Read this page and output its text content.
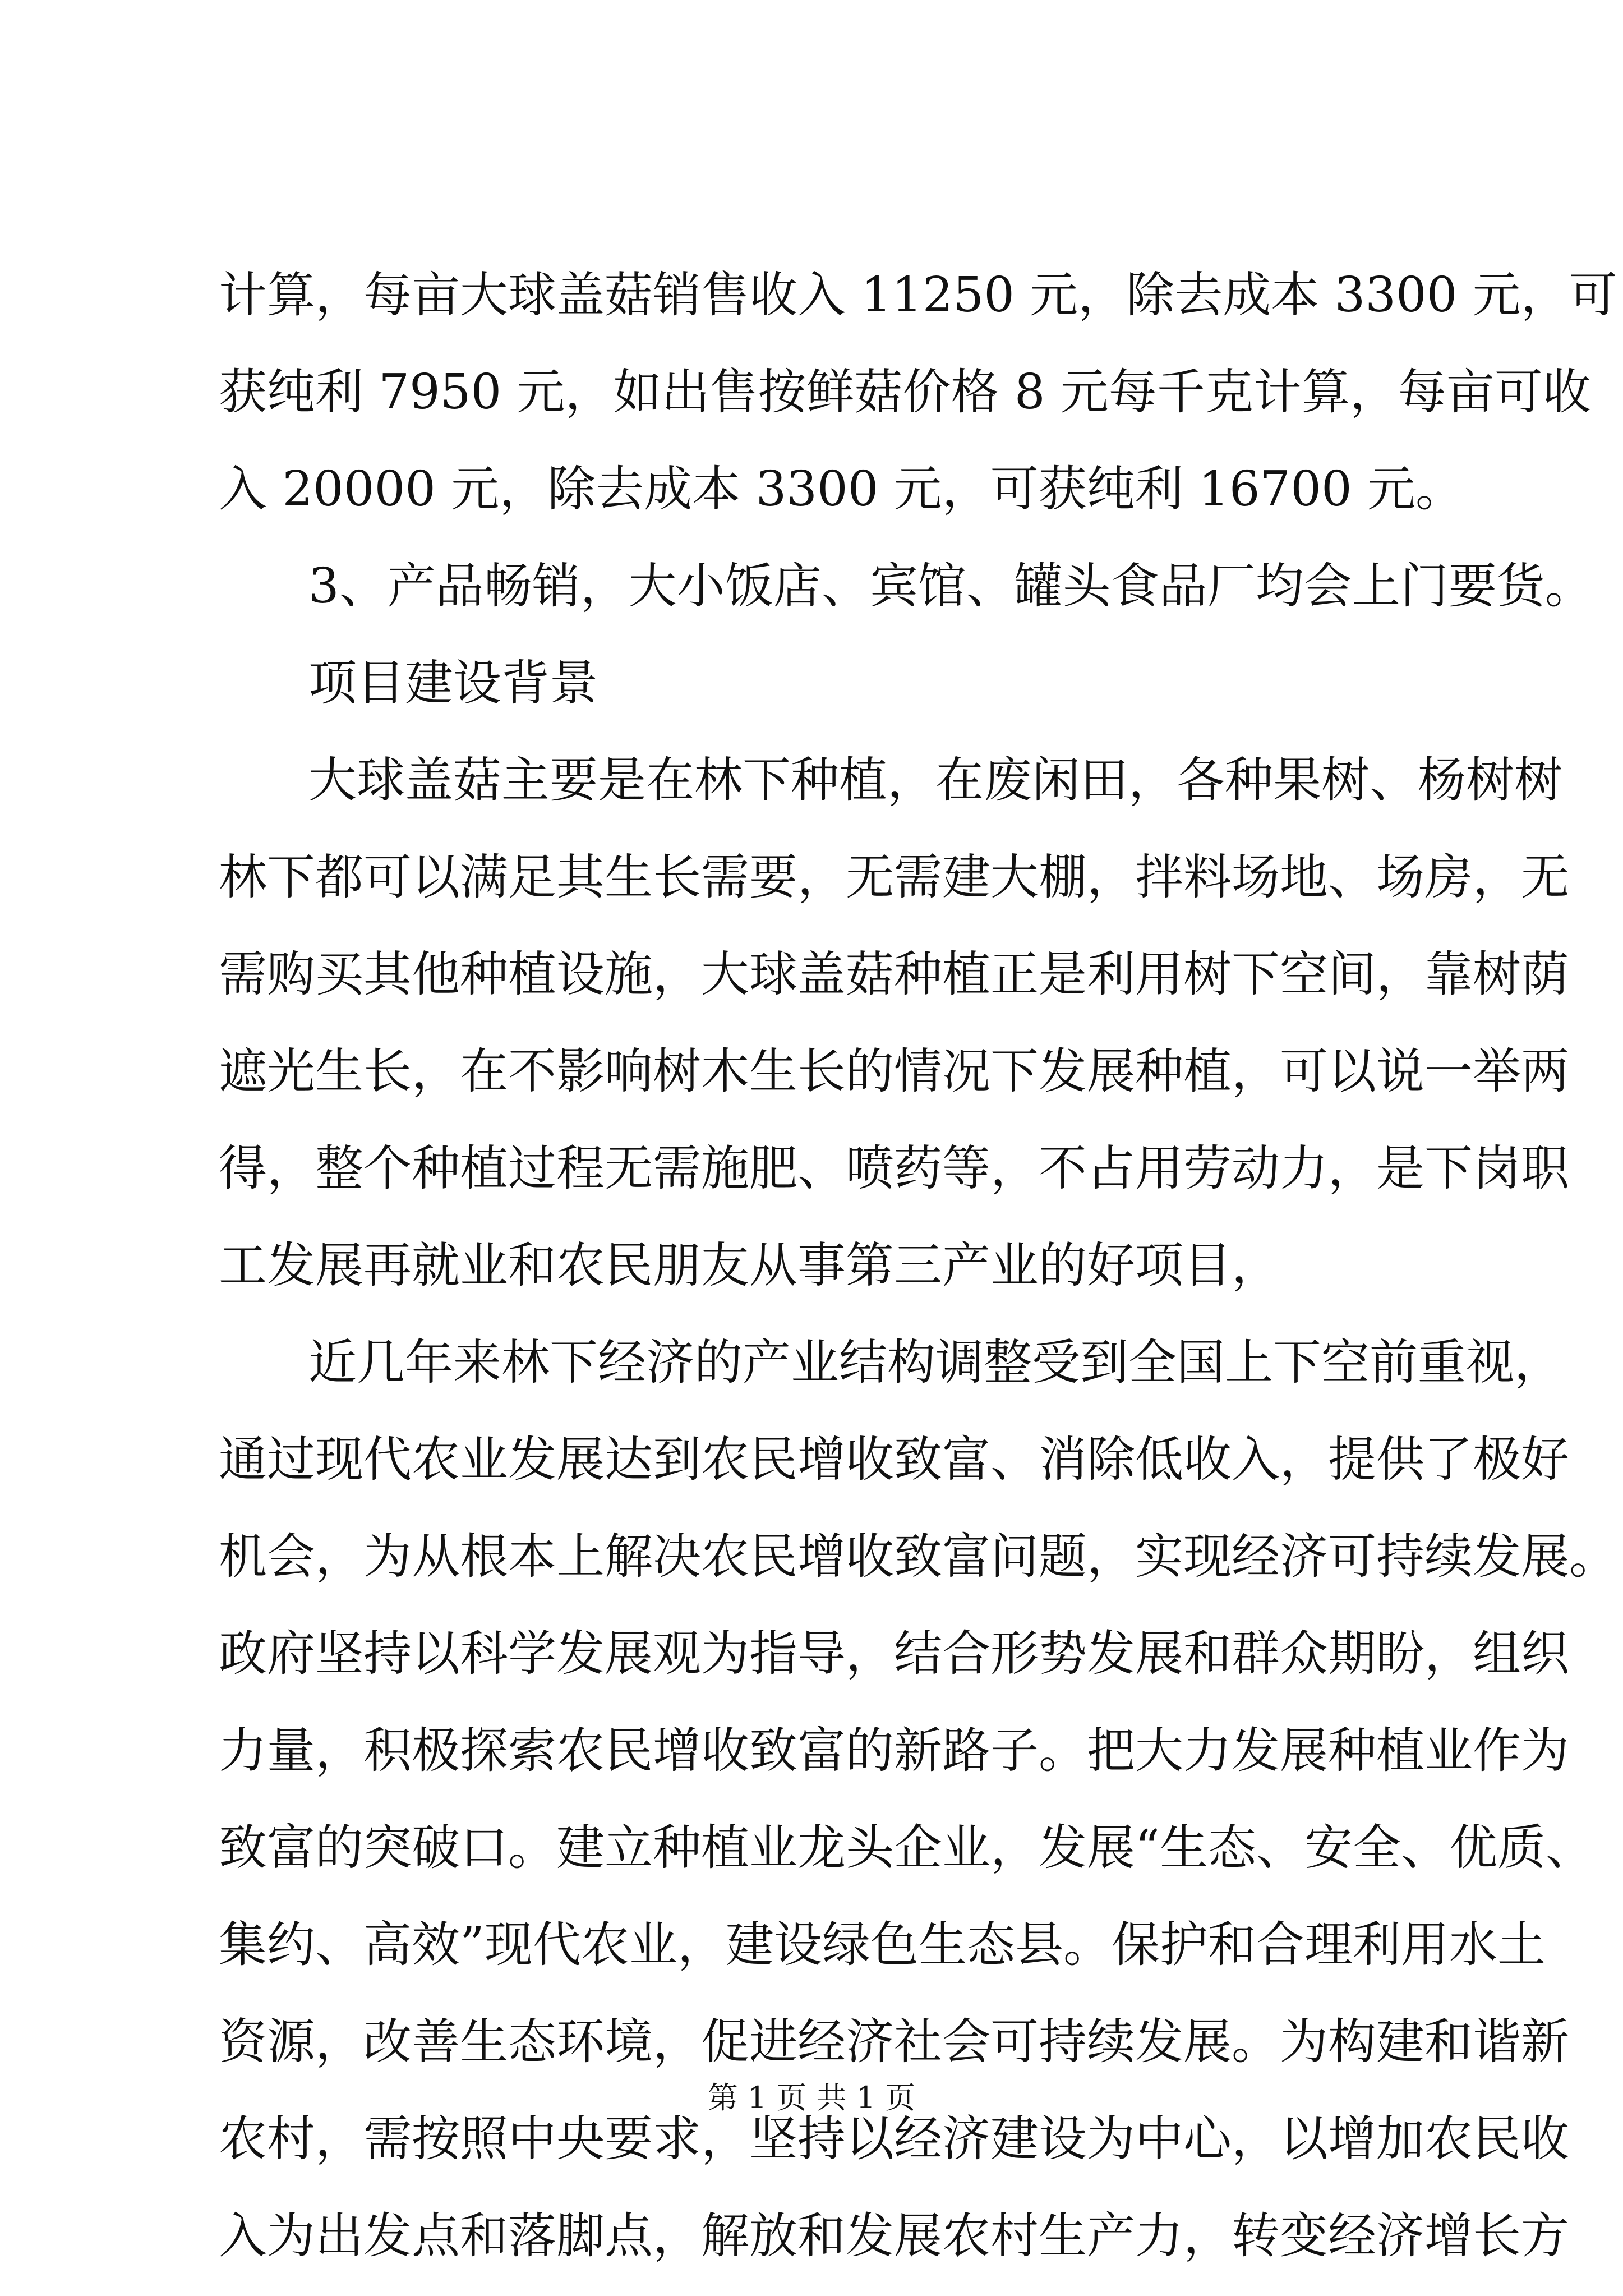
计算，每亩大球盖菇销售收入 11250 元，除去成本 3300 元，可
获纯利 7950 元，如出售按鲜菇价格 8 元每千克计算，每亩可收
入 20000 元，除去成本 3300 元，可获纯利 16700 元。
3、产品畅销，大小饭店、宾馆、罐头食品厂均会上门要货。
项目建设背景
大球盖菇主要是在林下种植，在废闲田，各种果树、杨树树
林下都可以满足其生长需要，无需建大棚，拌料场地、场房，无
需购买其他种植设施，大球盖菇种植正是利用树下空间，靠树荫
遮光生长，在不影响树木生长的情况下发展种植，可以说一举两
得，整个种植过程无需施肥、喷药等，不占用劳动力，是下岗职
工发展再就业和农民朋友从事第三产业的好项目，
近几年来林下经济的产业结构调整受到全国上下空前重视，
通过现代农业发展达到农民增收致富、消除低收入，提供了极好
机会，为从根本上解决农民增收致富问题，实现经济可持续发展。
政府坚持以科学发展观为指导，结合形势发展和群众期盼，组织
力量，积极探索农民增收致富的新路子。把大力发展种植业作为
致富的突破口。建立种植业龙头企业，发展“生态、安全、优质、
集约、高效”现代农业，建设绿色生态县。保护和合理利用水土
资源，改善生态环境，促进经济社会可持续发展。为构建和谐新
农村，需按照中央要求，坚持以经济建设为中心，以增加农民收
入为出发点和落脚点，解放和发展农村生产力，转变经济增长方
第 1 页 共 1 页
